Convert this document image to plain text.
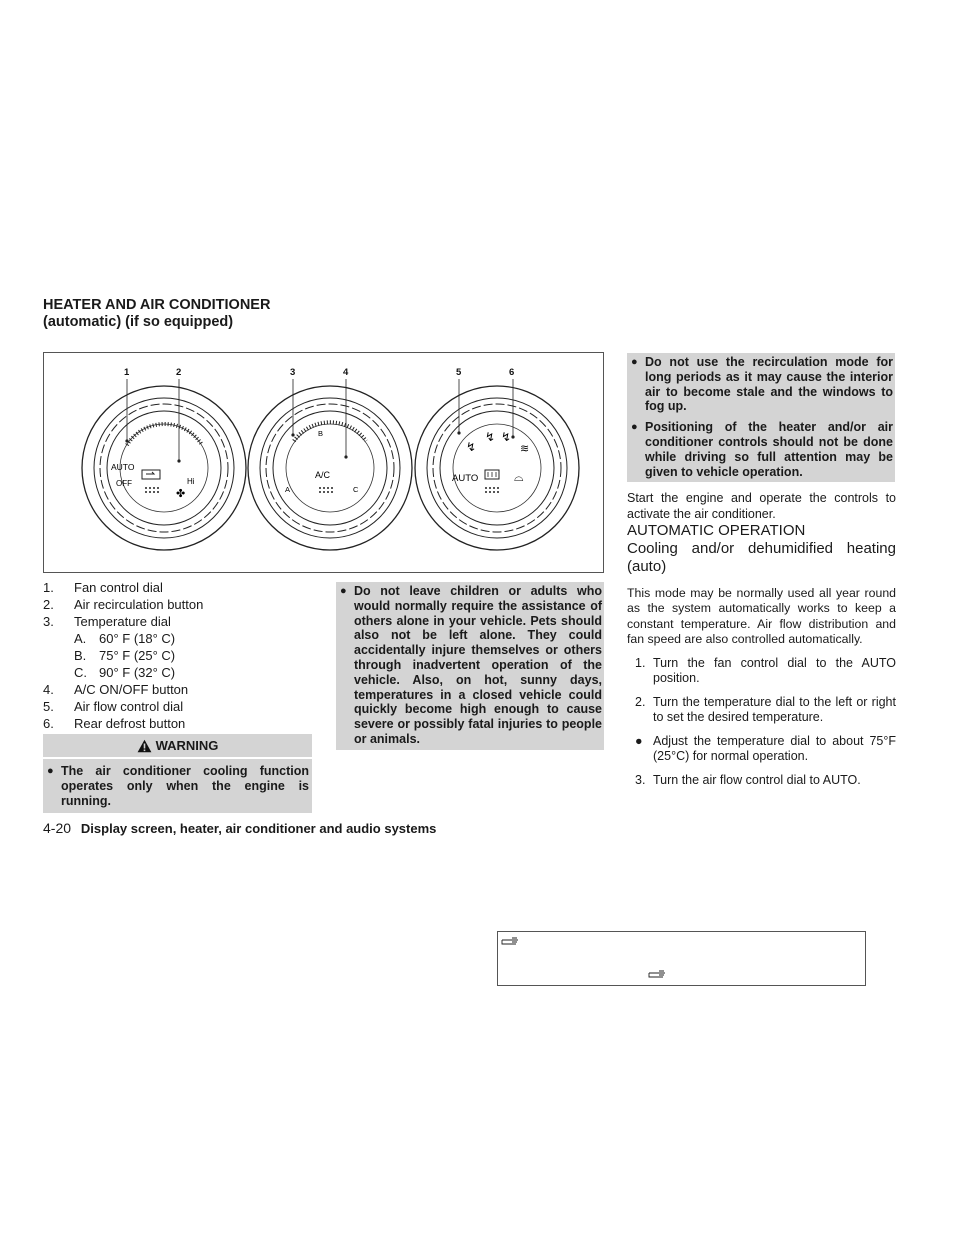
HEATER AND AIR CONDITIONER
(automatic) (if so equipped)
1	2	3	4	5	6
AUTO
OFF	Hi
✤
A/C
A
B
C
↯
↯ ↯
≋
AUTO	⌓
1.	Fan control dial
2.	Air recirculation button
3.	Temperature dial
A. 60° F (18° C)
B. 75° F (25° C)
C. 90° F (32° C)
4.	A/C ON/OFF button
5.	Air flow control dial
6.	Rear defrost button
WARNING
● The air conditioner cooling function operates only when the engine is running.
● Do not leave children or adults who would normally require the assistance of others alone in your vehicle. Pets should also not be left alone. They could accidentally injure themselves or others through inadvertent operation of the vehicle. Also, on hot, sunny days, temperatures in a closed vehicle could quickly become high enough to cause severe or possibly fatal injuries to people or animals.
● Do not use the recirculation mode for long periods as it may cause the interior air to become stale and the windows to fog up.
● Positioning of the heater and/or air conditioner controls should not be done while driving so full attention may be given to vehicle operation.

Start the engine and operate the controls to activate the air conditioner.

AUTOMATIC OPERATION

Cooling and/or dehumidified heating (auto)

This mode may be normally used all year round as the system automatically works to keep a constant temperature. Air flow distribution and fan speed are also controlled automatically.

1. Turn the fan control dial to the AUTO position.
2. Turn the temperature dial to the left or right to set the desired temperature.
● Adjust the temperature dial to about 75°F (25°C) for normal operation.
3. Turn the air flow control dial to AUTO.
4-20 Display screen, heater, air conditioner and audio systems
